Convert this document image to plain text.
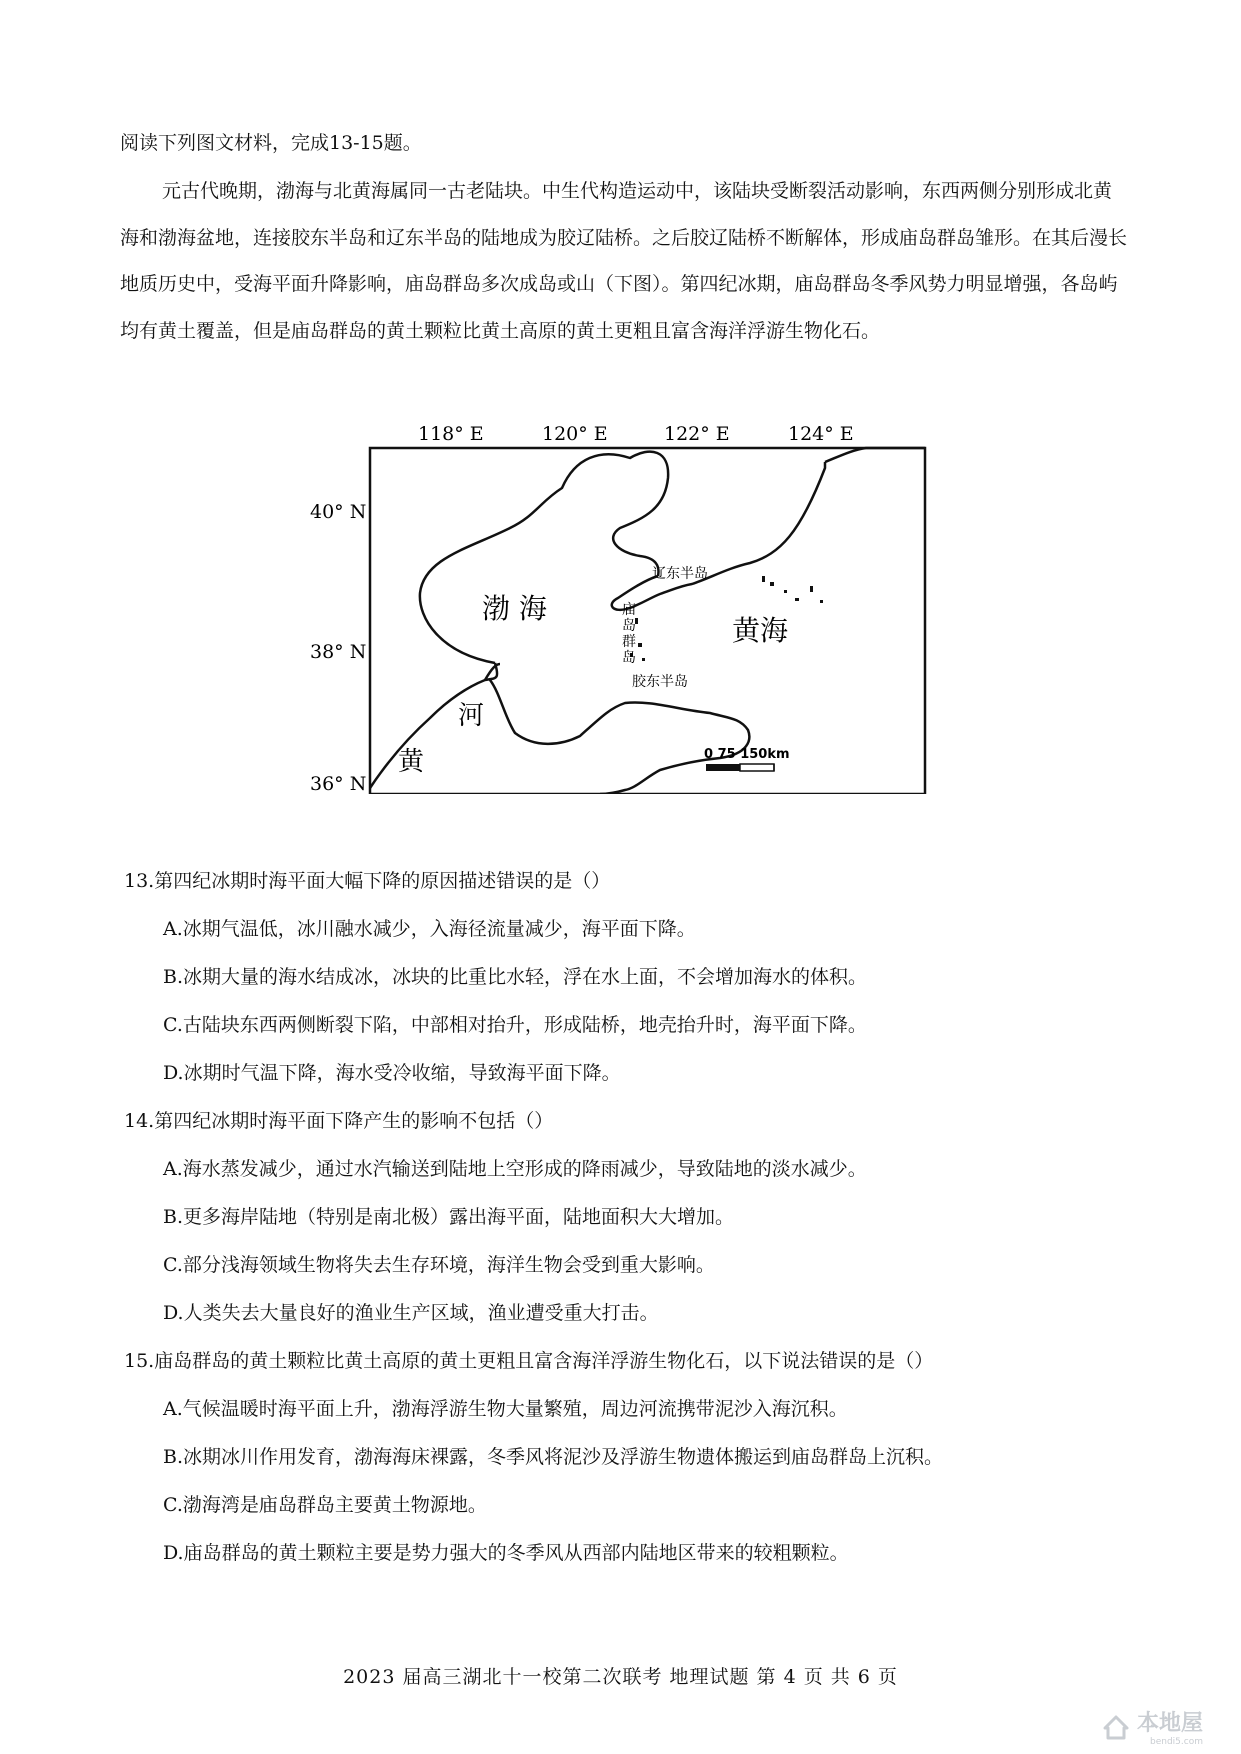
阅读下列图文材料，完成13-15题。
元古代晚期，渤海与北黄海属同一古老陆块。中生代构造运动中，该陆块受断裂活动影响，东西两侧分别形成北黄海和渤海盆地，连接胶东半岛和辽东半岛的陆地成为胶辽陆桥。之后胶辽陆桥不断解体，形成庙岛群岛雏形。在其后漫长地质历史中，受海平面升降影响，庙岛群岛多次成岛或山（下图）。第四纪冰期，庙岛群岛冬季风势力明显增强，各岛屿均有黄土覆盖，但是庙岛群岛的黄土颗粒比黄土高原的黄土更粗且富含海洋浮游生物化石。
118° E	120° E	122° E	124° E
40° N
38° N
36° N
渤 海
黄海
辽东半岛
胶东半岛
庙
岛
群
岛
河
黄	0 75 150km
13.第四纪冰期时海平面大幅下降的原因描述错误的是（）
A.冰期气温低，冰川融水减少，入海径流量减少，海平面下降。
B.冰期大量的海水结成冰，冰块的比重比水轻，浮在水上面，不会增加海水的体积。
C.古陆块东西两侧断裂下陷，中部相对抬升，形成陆桥，地壳抬升时，海平面下降。
D.冰期时气温下降，海水受冷收缩，导致海平面下降。
14.第四纪冰期时海平面下降产生的影响不包括（）
A.海水蒸发减少，通过水汽输送到陆地上空形成的降雨减少，导致陆地的淡水减少。
B.更多海岸陆地（特别是南北极）露出海平面，陆地面积大大增加。
C.部分浅海领域生物将失去生存环境，海洋生物会受到重大影响。
D.人类失去大量良好的渔业生产区域，渔业遭受重大打击。
15.庙岛群岛的黄土颗粒比黄土高原的黄土更粗且富含海洋浮游生物化石，以下说法错误的是（）
A.气候温暖时海平面上升，渤海浮游生物大量繁殖，周边河流携带泥沙入海沉积。
B.冰期冰川作用发育，渤海海床裸露，冬季风将泥沙及浮游生物遗体搬运到庙岛群岛上沉积。
C.渤海湾是庙岛群岛主要黄土物源地。
D.庙岛群岛的黄土颗粒主要是势力强大的冬季风从西部内陆地区带来的较粗颗粒。
2023 届高三湖北十一校第二次联考 地理试题 第 4 页 共 6 页
本地屋
bendi5.com
